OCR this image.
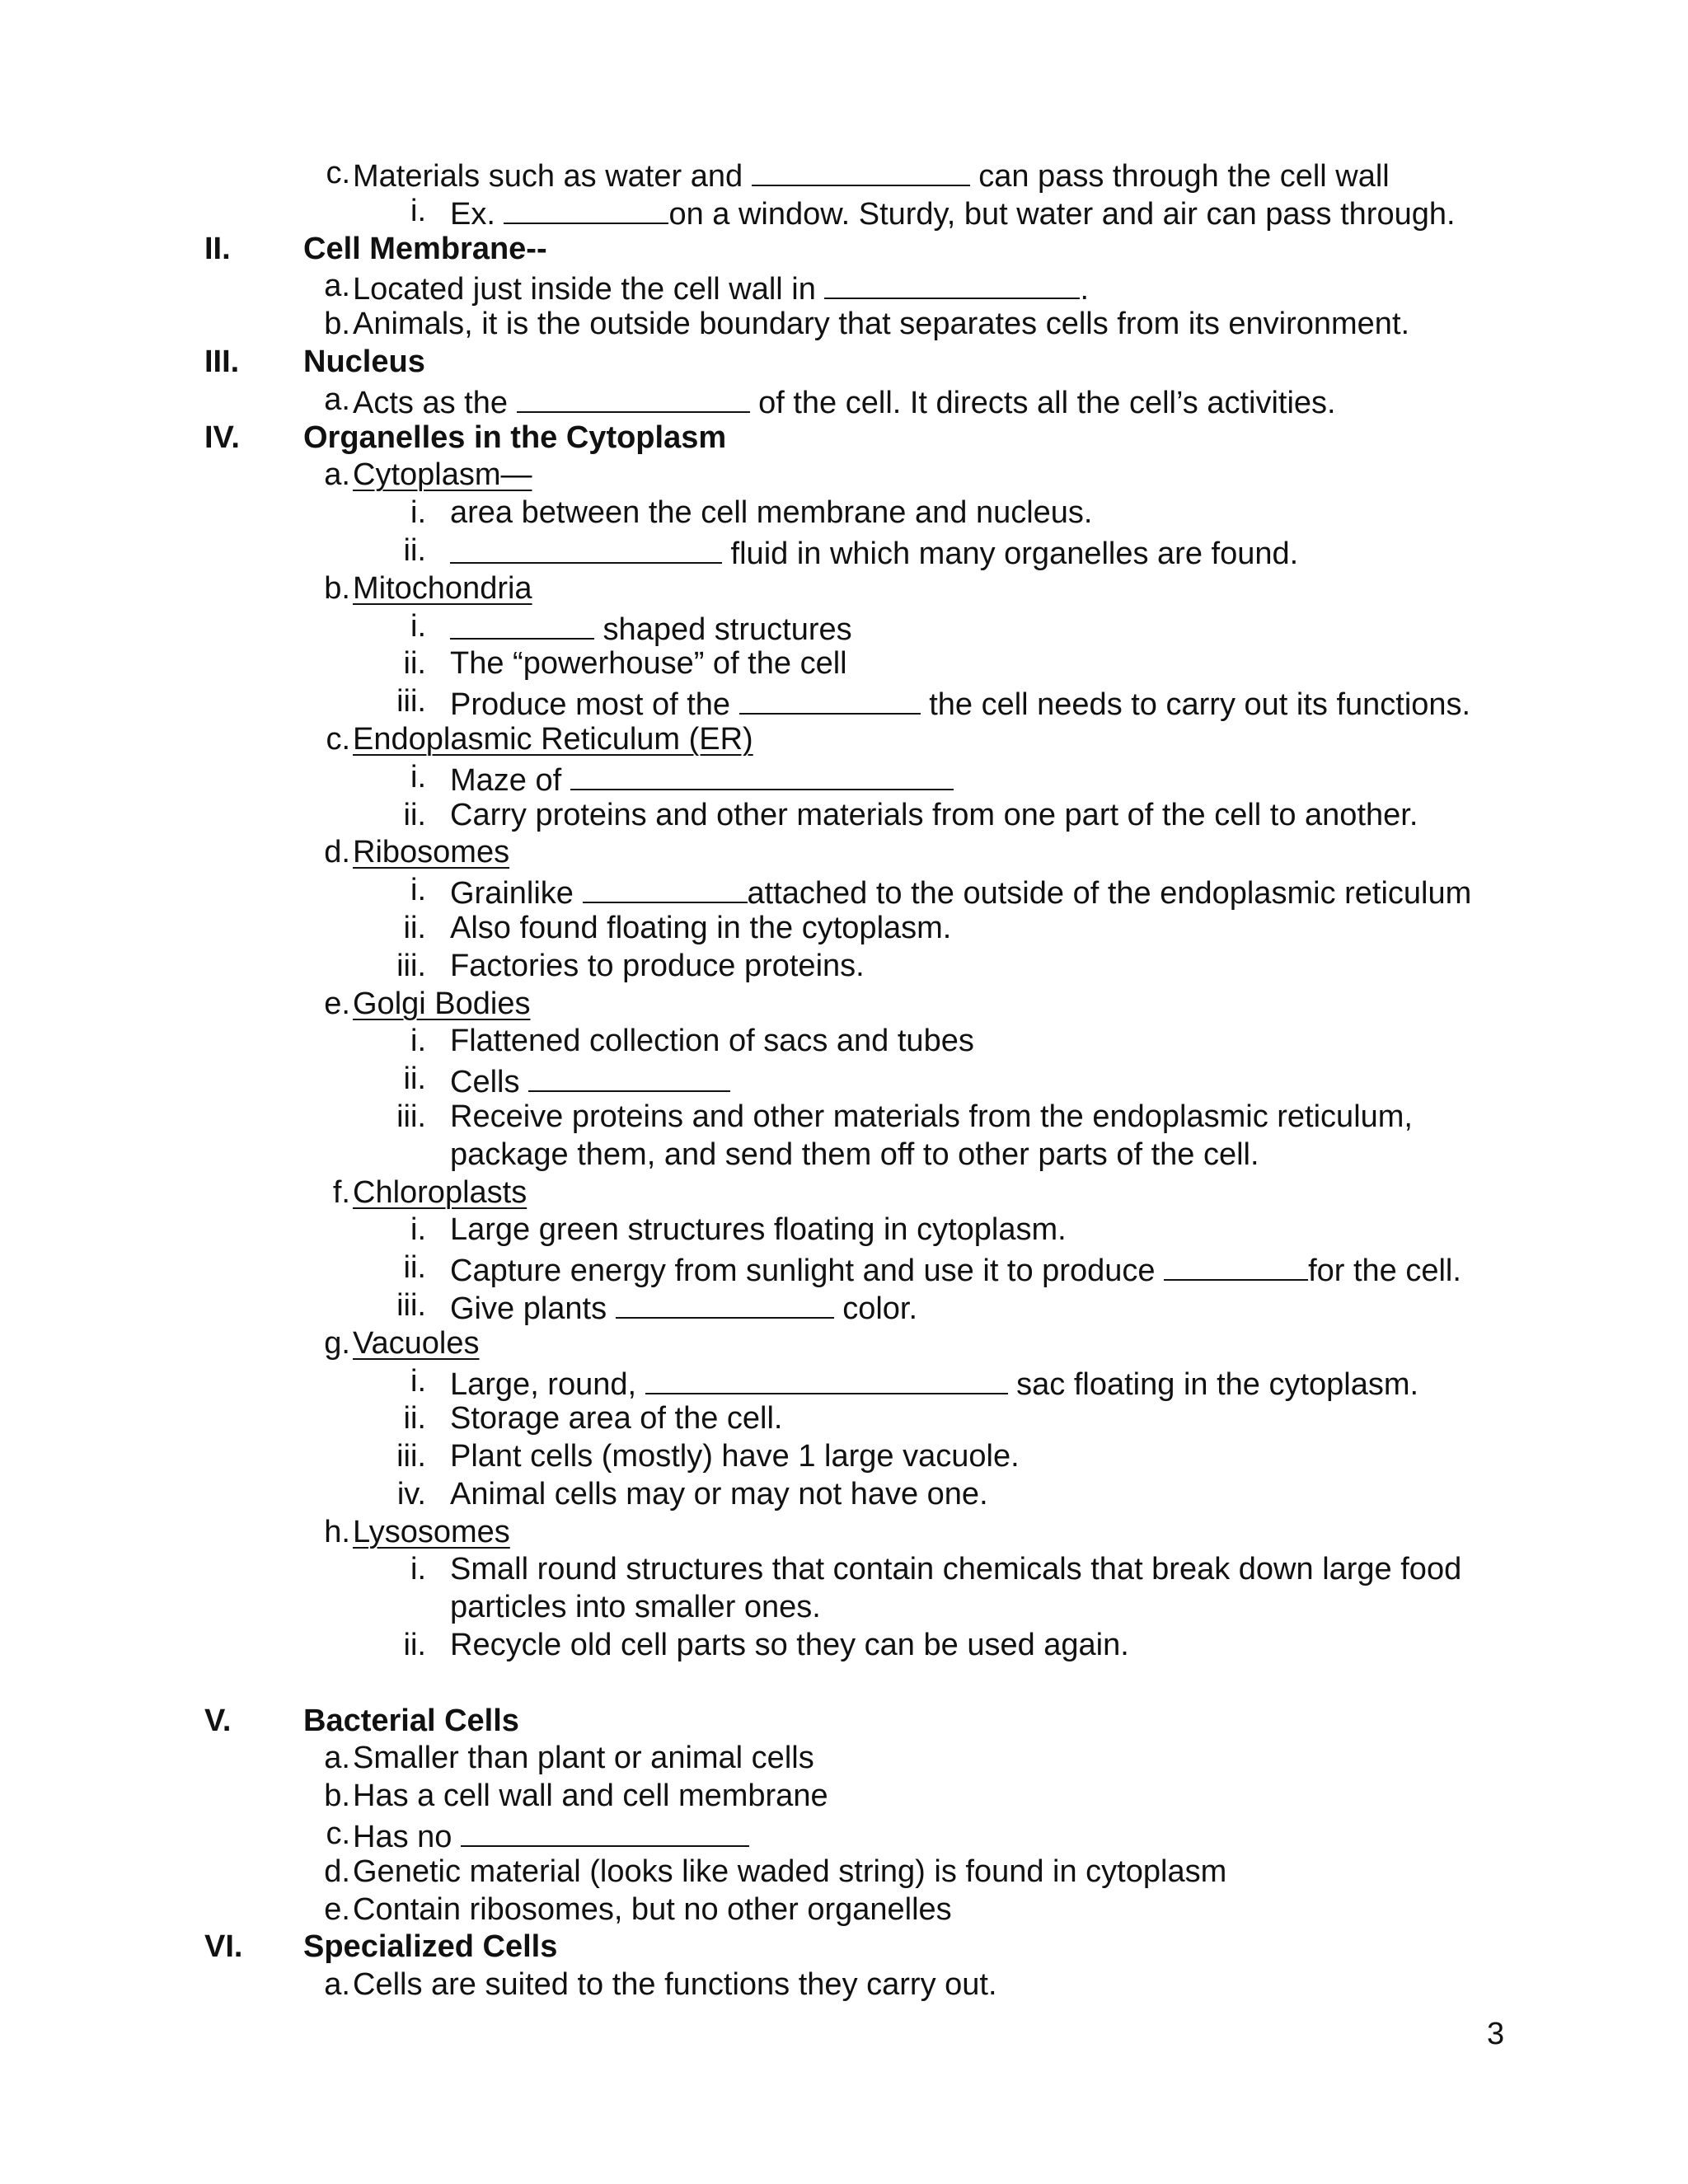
c. Materials such as water and	can pass through the cell wall
i. Ex.	on a window. Sturdy, but water and air can pass through.
II. Cell Membrane--
a. Located just inside the cell wall in	.
b. Animals, it is the outside boundary that separates cells from its environment.
III. Nucleus
a. Acts as the	of the cell. It directs all the cell’s activities.
IV. Organelles in the Cytoplasm
a. Cytoplasm—
i. area between the cell membrane and nucleus.
ii.	fluid in which many organelles are found.
b. Mitochondria
i.	shaped structures
ii. The “powerhouse” of the cell
iii. Produce most of the	the cell needs to carry out its functions.
c. Endoplasmic Reticulum (ER)
i. Maze of
ii. Carry proteins and other materials from one part of the cell to another.
d. Ribosomes
i. Grainlike	attached to the outside of the endoplasmic reticulum
ii. Also found floating in the cytoplasm.
iii. Factories to produce proteins.
e. Golgi Bodies
i. Flattened collection of sacs and tubes
ii. Cells
iii. Receive proteins and other materials from the endoplasmic reticulum,
package them, and send them off to other parts of the cell.
f. Chloroplasts
i. Large green structures floating in cytoplasm.
ii. Capture energy from sunlight and use it to produce	for the cell.
iii. Give plants	color.
g. Vacuoles
i. Large, round,	sac floating in the cytoplasm.
ii. Storage area of the cell.
iii. Plant cells (mostly) have 1 large vacuole.
iv. Animal cells may or may not have one.
h. Lysosomes
i. Small round structures that contain chemicals that break down large food
particles into smaller ones.
ii. Recycle old cell parts so they can be used again.
V. Bacterial Cells
a. Smaller than plant or animal cells
b. Has a cell wall and cell membrane
c. Has no
d. Genetic material (looks like waded string) is found in cytoplasm
e. Contain ribosomes, but no other organelles
VI. Specialized Cells
a. Cells are suited to the functions they carry out.
3
